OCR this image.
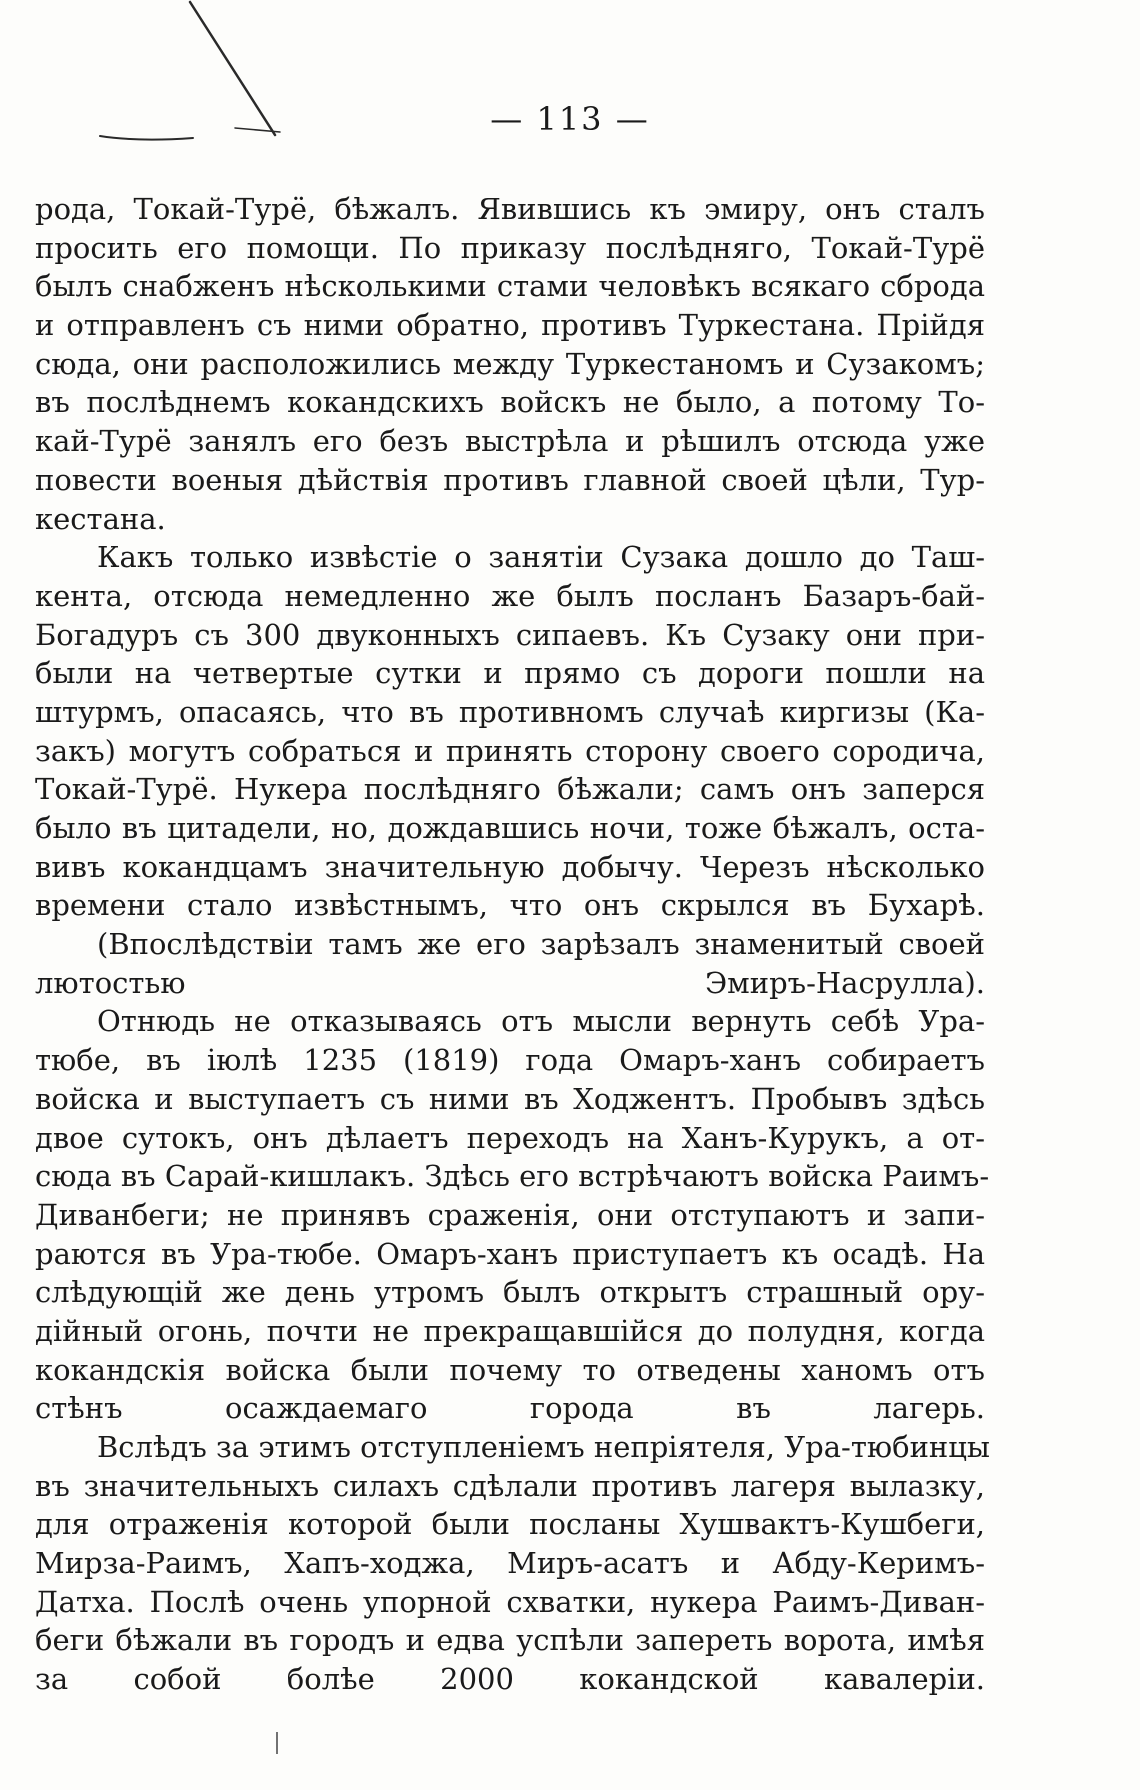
— 113 —
рода, Токай-Турё, бѣжалъ. Явившись къ эмиру, онъ сталъ
просить его помощи. По приказу послѣдняго, Токай-Турё
былъ снабженъ нѣсколькими стами человѣкъ всякаго сброда
и отправленъ съ ними обратно, противъ Туркестана. Прійдя
сюда, они расположились между Туркестаномъ и Сузакомъ;
въ послѣднемъ кокандскихъ войскъ не было, а потому То-
кай-Турё занялъ его безъ выстрѣла и рѣшилъ отсюда уже
повести военыя дѣйствія противъ главной своей цѣли, Тур-
кестана.
Какъ только извѣстіе о занятіи Сузака дошло до Таш-
кента, отсюда немедленно же былъ посланъ Базаръ-бай-
Богадуръ съ 300 двуконныхъ сипаевъ. Къ Сузаку они при-
были на четвертые сутки и прямо съ дороги пошли на
штурмъ, опасаясь, что въ противномъ случаѣ киргизы (Ка-
закъ) могутъ собраться и принять сторону своего сородича,
Токай-Турё. Нукера послѣдняго бѣжали; самъ онъ заперся
было въ цитадели, но, дождавшись ночи, тоже бѣжалъ, оста-
вивъ кокандцамъ значительную добычу. Черезъ нѣсколько
времени стало извѣстнымъ, что онъ скрылся въ Бухарѣ.
(Впослѣдствіи тамъ же его зарѣзалъ знаменитый своей
лютостью Эмиръ-Насрулла).
Отнюдь не отказываясь отъ мысли вернуть себѣ Ура-
тюбе, въ іюлѣ 1235 (1819) года Омаръ-ханъ собираетъ
войска и выступаетъ съ ними въ Ходжентъ. Пробывъ здѣсь
двое сутокъ, онъ дѣлаетъ переходъ на Ханъ-Курукъ, а от-
сюда въ Сарай-кишлакъ. Здѣсь его встрѣчаютъ войска Раимъ-
Диванбеги; не принявъ сраженія, они отступаютъ и запи-
раются въ Ура-тюбе. Омаръ-ханъ приступаетъ къ осадѣ. На
слѣдующій же день утромъ былъ открытъ страшный ору-
дійный огонь, почти не прекращавшійся до полудня, когда
кокандскія войска были почему то отведены ханомъ отъ
стѣнъ осаждаемаго города въ лагерь.
Вслѣдъ за этимъ отступленіемъ непріятеля, Ура-тюбинцы
въ значительныхъ силахъ сдѣлали противъ лагеря вылазку,
для отраженія которой были посланы Хушвактъ-Кушбеги,
Мирза-Раимъ, Хапъ-ходжа, Миръ-асатъ и Абду-Керимъ-
Датха. Послѣ очень упорной схватки, нукера Раимъ-Диван-
беги бѣжали въ городъ и едва успѣли запереть ворота, имѣя
за собой болѣе 2000 кокандской кавалеріи.
